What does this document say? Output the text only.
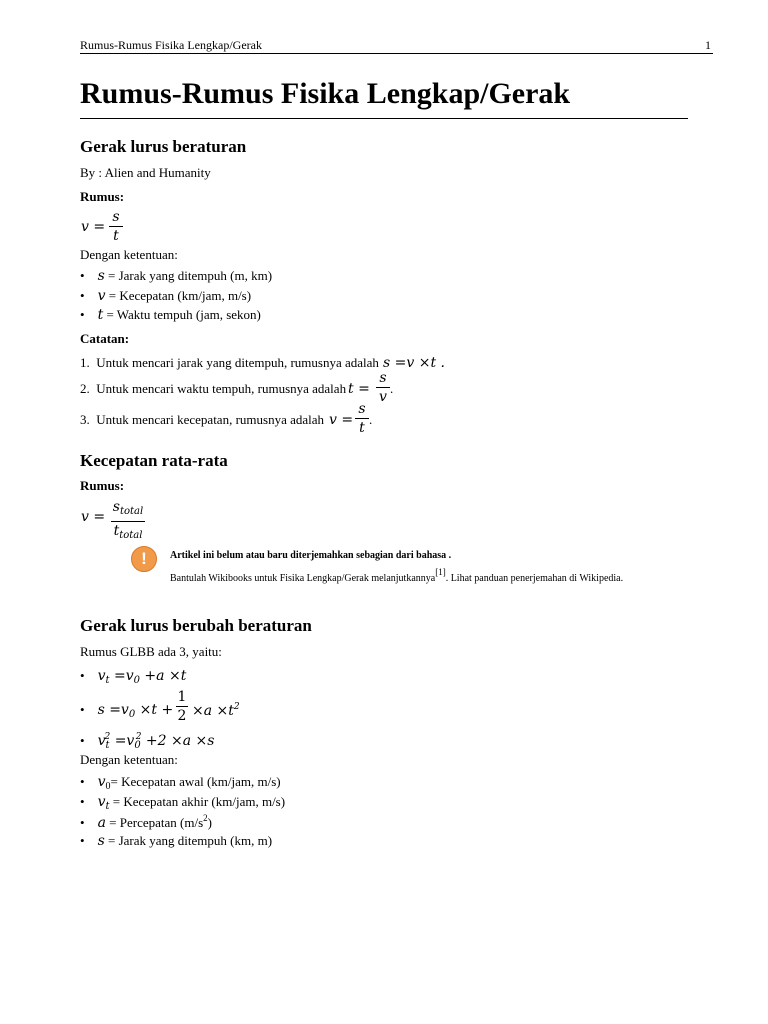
Rumus-Rumus Fisika Lengkap/Gerak	1
Rumus-Rumus Fisika Lengkap/Gerak
Gerak lurus beraturan
By : Alien and Humanity
Rumus:
v =
s
t
Dengan ketentuan:
•    s = Jarak yang ditempuh (m, km)
•    v = Kecepatan (km/jam, m/s)
•    t = Waktu tempuh (jam, sekon)
Catatan:
1. Untuk mencari jarak yang ditempuh, rumusnya adalah s =v ×t .
2. Untuk mencari waktu tempuh, rumusnya adalah t =
s
v
.
3. Untuk mencari kecepatan, rumusnya adalah v =
s
t
.
Kecepatan rata-rata
Rumus:
v =
$s_{total}$
$t_{total}$
!	Artikel ini belum atau baru diterjemahkan sebagian dari bahasa .
Bantulah Wikibooks untuk Fisika Lengkap/Gerak melanjutkannya[1]. Lihat panduan penerjemahan di Wikipedia.
Gerak lurus berubah beraturan
Rumus GLBB ada 3, yaitu:
•    $v_t =v_0 +a \times t$
•    $s =v_0 \times t$ +
1
$2 \times a \times t^2$
•    $v_t^2 =v_0^2 +2 \times a \times s$
Dengan ketentuan:
•    $v_0=$ Kecepatan awal (km/jam, m/s)
•    $v_t$ = Kecepatan akhir (km/jam, m/s)
•    a = Percepatan $(m/s^2)$
•    s = Jarak yang ditempuh (km, m)
